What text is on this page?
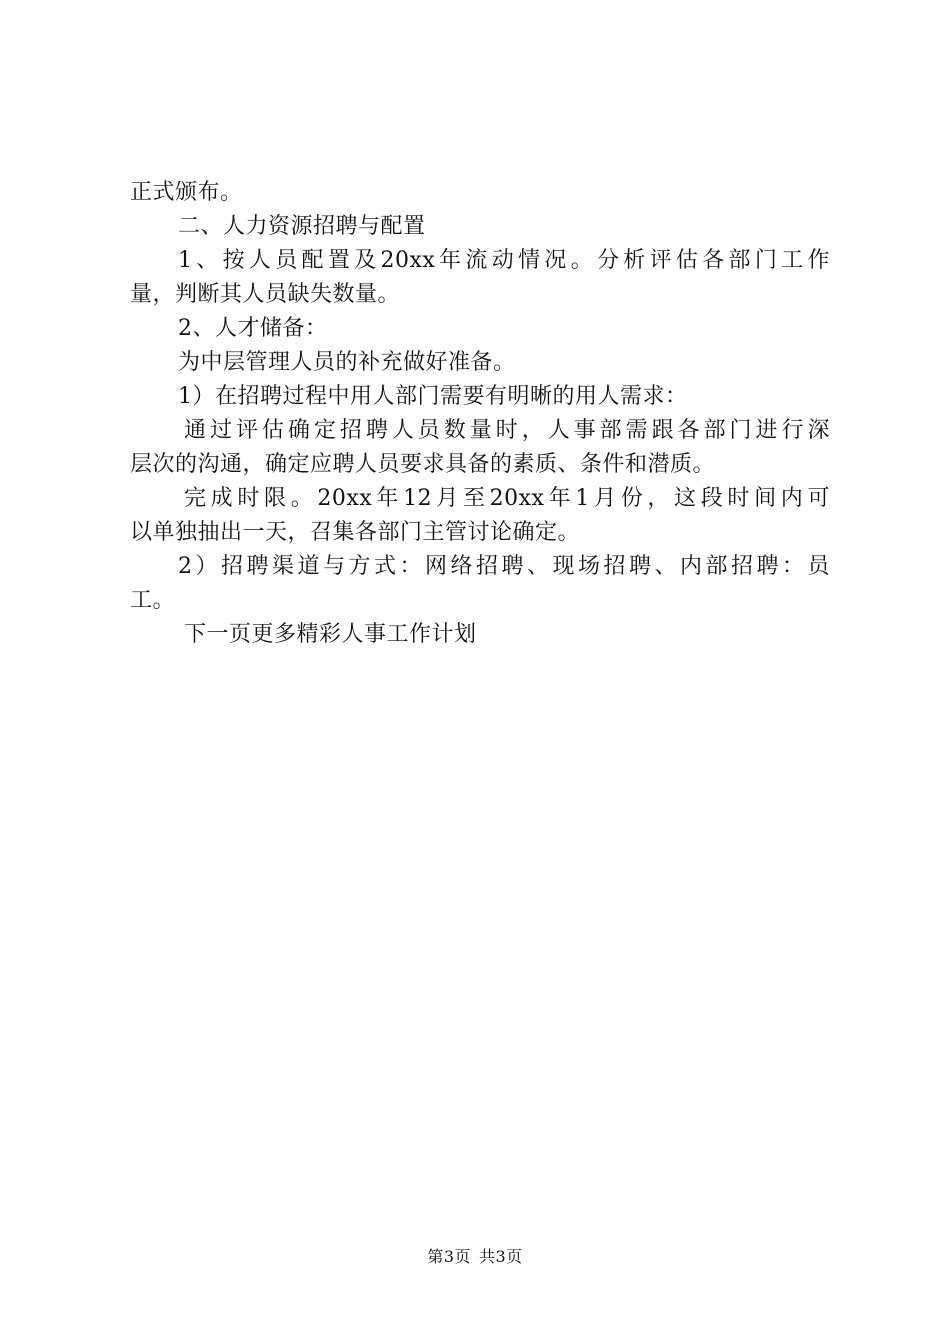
正式颁布。
二、人力资源招聘与配置
1、按人员配置及20xx年流动情况。分析评估各部门工作
量，判断其人员缺失数量。
2、人才储备：
为中层管理人员的补充做好准备。
1）在招聘过程中用人部门需要有明晰的用人需求：
通过评估确定招聘人员数量时，人事部需跟各部门进行深
层次的沟通，确定应聘人员要求具备的素质、条件和潜质。
完成时限。20xx年12月至20xx年1月份，这段时间内可
以单独抽出一天，召集各部门主管讨论确定。
2）招聘渠道与方式：网络招聘、现场招聘、内部招聘：员
工。
下一页更多精彩人事工作计划
第3页 共3页
